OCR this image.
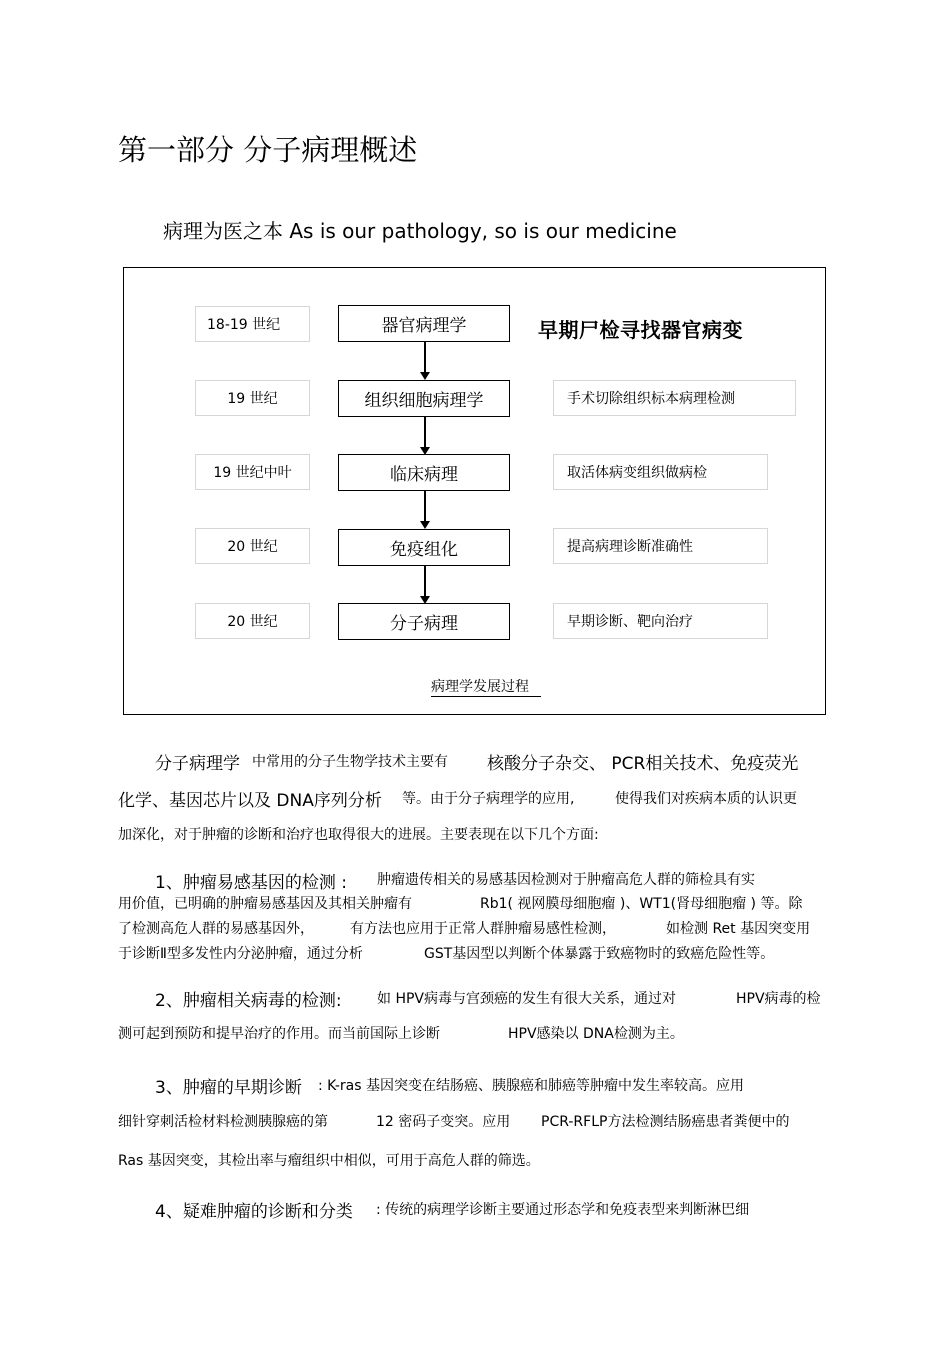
第一部分 分子病理概述
病理为医之本 As is our pathology, so is our medicine
18-19 世纪	器官病理学	早期尸检寻找器官病变
19 世纪	组织细胞病理学	手术切除组织标本病理检测
19 世纪中叶	临床病理	取活体病变组织做病检
20 世纪	免疫组化	提高病理诊断准确性
20 世纪	分子病理	早期诊断、靶向治疗
病理学发展过程
分子病理学 中常用的分子生物学技术主要有 核酸分子杂交、 PCR相关技术、免疫荧光
化学、基因芯片以及 DNA序列分析 等。由于分子病理学的应用,	使得我们对疾病本质的认识更
加深化，对于肿瘤的诊断和治疗也取得很大的进展。主要表现在以下几个方面:
1、肿瘤易感基因的检测 : 肿瘤遗传相关的易感基因检测对于肿瘤高危人群的筛检具有实
用价值，已明确的肿瘤易感基因及其相关肿瘤有	Rb1( 视网膜母细胞瘤 )、WT1(肾母细胞瘤 ) 等。除
了检测高危人群的易感基因外，	有方法也应用于正常人群肿瘤易感性检测，	如检测 Ret 基因突变用
于诊断Ⅱ型多发性内分泌肿瘤，通过分析	GST基因型以判断个体暴露于致癌物时的致癌危险性等。
2、肿瘤相关病毒的检测:	如 HPV病毒与宫颈癌的发生有很大关系，通过对	HPV病毒的检
测可起到预防和提早治疗的作用。而当前国际上诊断	HPV感染以 DNA检测为主。
3、肿瘤的早期诊断 : K-ras 基因突变在结肠癌、胰腺癌和肺癌等肿瘤中发生率较高。应用
细针穿刺活检材料检测胰腺癌的第	12 密码子变突。应用 PCR-RFLP方法检测结肠癌患者粪便中的
Ras 基因突变，其检出率与瘤组织中相似，可用于高危人群的筛选。
4、疑难肿瘤的诊断和分类 : 传统的病理学诊断主要通过形态学和免疫表型来判断淋巴细
